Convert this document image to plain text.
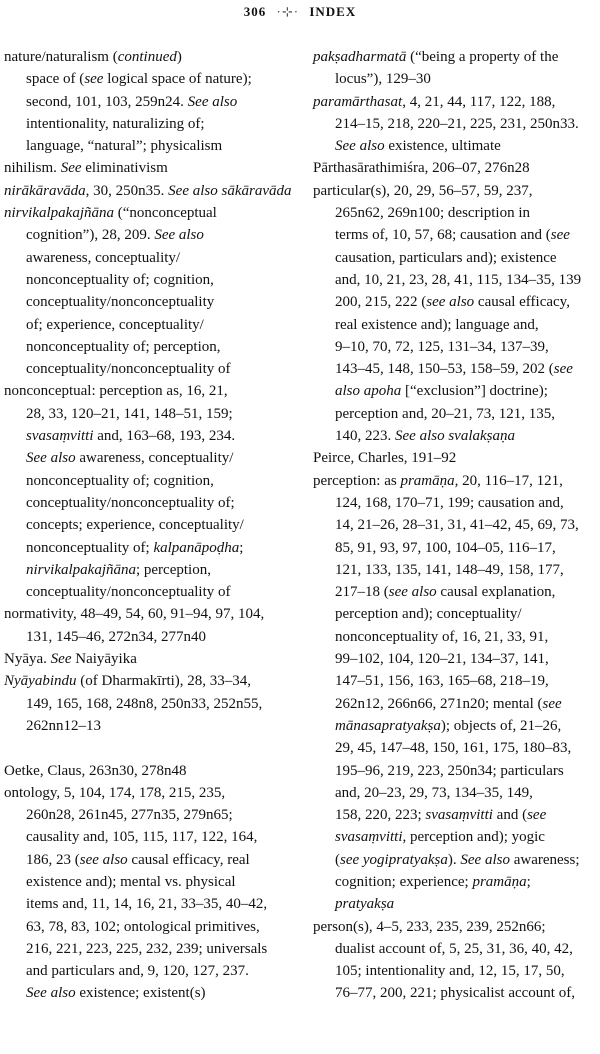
306 ·⊹· INDEX
nature/naturalism (continued)
space of (see logical space of nature);
second, 101, 103, 259n24. See also
intentionality, naturalizing of;
language, “natural”; physicalism
nihilism. See eliminativism
nirākāravāda, 30, 250n35. See also sākāravāda
nirvikalpakajñāna (“nonconceptual
cognition”), 28, 209. See also
awareness, conceptuality/
nonconceptuality of; cognition,
conceptuality/nonconceptuality
of; experience, conceptuality/
nonconceptuality of; perception,
conceptuality/nonconceptuality of
nonconceptual: perception as, 16, 21,
28, 33, 120–21, 141, 148–51, 159;
svasaṃvitti and, 163–68, 193, 234.
See also awareness, conceptuality/
nonconceptuality of; cognition,
conceptuality/nonconceptuality of;
concepts; experience, conceptuality/
nonconceptuality of; kalpanāpoḍha;
nirvikalpakajñāna; perception,
conceptuality/nonconceptuality of
normativity, 48–49, 54, 60, 91–94, 97, 104,
131, 145–46, 272n34, 277n40
Nyāya. See Naiyāyika
Nyāyabindu (of Dharmakīrti), 28, 33–34,
149, 165, 168, 248n8, 250n33, 252n55,
262nn12–13
Oetke, Claus, 263n30, 278n48
ontology, 5, 104, 174, 178, 215, 235,
260n28, 261n45, 277n35, 279n65;
causality and, 105, 115, 117, 122, 164,
186, 23 (see also causal efficacy, real
existence and); mental vs. physical
items and, 11, 14, 16, 21, 33–35, 40–42,
63, 78, 83, 102; ontological primitives,
216, 221, 223, 225, 232, 239; universals
and particulars and, 9, 120, 127, 237.
See also existence; existent(s)
pakṣadharmatā (“being a property of the
locus”), 129–30
paramārthasat, 4, 21, 44, 117, 122, 188,
214–15, 218, 220–21, 225, 231, 250n33.
See also existence, ultimate
Pārthasārathimiśra, 206–07, 276n28
particular(s), 20, 29, 56–57, 59, 237,
265n62, 269n100; description in
terms of, 10, 57, 68; causation and (see
causation, particulars and); existence
and, 10, 21, 23, 28, 41, 115, 134–35, 139
200, 215, 222 (see also causal efficacy,
real existence and); language and,
9–10, 70, 72, 125, 131–34, 137–39,
143–45, 148, 150–53, 158–59, 202 (see
also apoha [“exclusion”] doctrine);
perception and, 20–21, 73, 121, 135,
140, 223. See also svalakṣaṇa
Peirce, Charles, 191–92
perception: as pramāṇa, 20, 116–17, 121,
124, 168, 170–71, 199; causation and,
14, 21–26, 28–31, 31, 41–42, 45, 69, 73,
85, 91, 93, 97, 100, 104–05, 116–17,
121, 133, 135, 141, 148–49, 158, 177,
217–18 (see also causal explanation,
perception and); conceptuality/
nonconceptuality of, 16, 21, 33, 91,
99–102, 104, 120–21, 134–37, 141,
147–51, 156, 163, 165–68, 218–19,
262n12, 266n66, 271n20; mental (see
mānasapratyakṣa); objects of, 21–26,
29, 45, 147–48, 150, 161, 175, 180–83,
195–96, 219, 223, 250n34; particulars
and, 20–23, 29, 73, 134–35, 149,
158, 220, 223; svasaṃvitti and (see
svasaṃvitti, perception and); yogic
(see yogipratyakṣa). See also awareness;
cognition; experience; pramāṇa;
pratyakṣa
person(s), 4–5, 233, 235, 239, 252n66;
dualist account of, 5, 25, 31, 36, 40, 42,
105; intentionality and, 12, 15, 17, 50,
76–77, 200, 221; physicalist account of,
